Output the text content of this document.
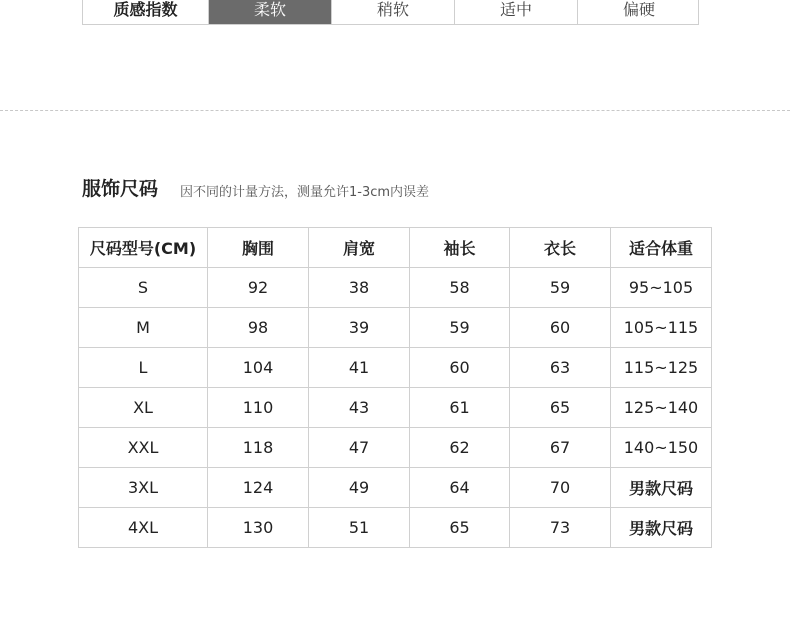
质感指数	柔软	稍软	适中	偏硬
服饰尺码 因不同的计量方法，测量允许1-3cm内误差
尺码型号(CM)	胸围	肩宽	袖长	衣长	适合体重
S	92	38	58	59	95~105
M	98	39	59	60	105~115
L	104	41	60	63	115~125
XL	110	43	61	65	125~140
XXL	118	47	62	67	140~150
3XL	124	49	64	70	男款尺码
4XL	130	51	65	73	男款尺码
